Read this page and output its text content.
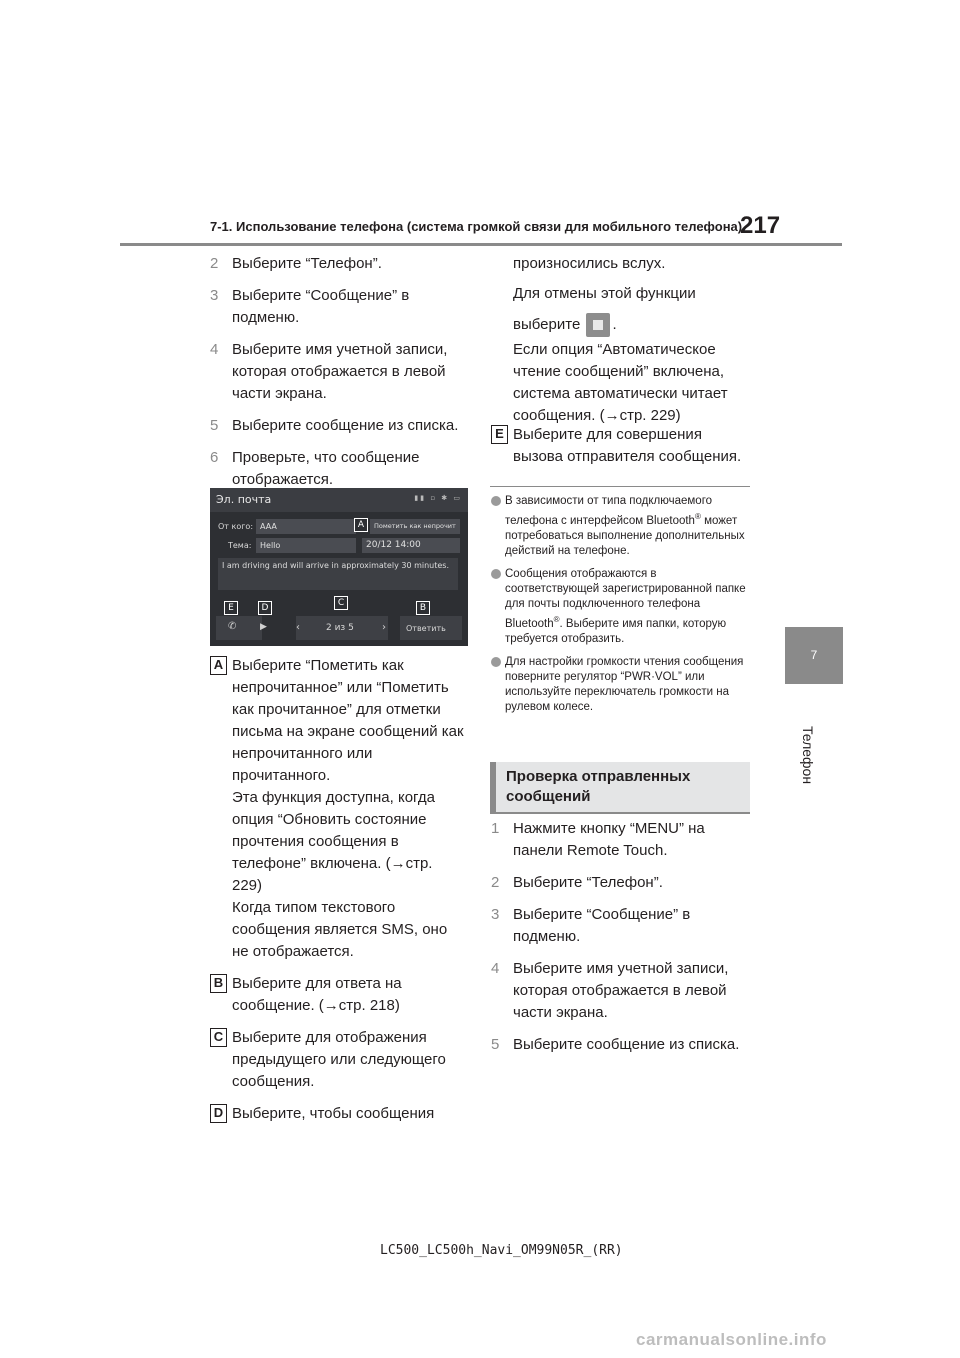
7-1. Использование телефона (система громкой связи для мобильного телефона)
217
7
Телефон
2 Выберите “Телефон”.
3 Выберите “Сообщение” в подменю.
4 Выберите имя учетной записи, которая отображается в левой части экрана.
5 Выберите сообщение из списка.
6 Проверьте, что сообщение отображается.
Эл. почта	▮▮ ▫ ✱ ▭
От кого: AAA	Пометить как непрочит
Тема:	Hello	20/12 14:00
I am driving and will arrive in approximately 30 minutes.
✆	▶	‹	2 из 5	›	Ответить
A
B
C
D
E
A Выберите “Пометить как непрочитанное” или “Пометить как прочитанное” для отметки письма на экране сообщений как непрочитанного или прочитанного.
Эта функция доступна, когда опция “Обновить состояние прочтения сообщения в телефоне” включена. (→стр. 229)
Когда типом текстового сообщения является SMS, оно не отображается.
B Выберите для ответа на сообщение. (→стр. 218)
C Выберите для отображения предыдущего или следующего сообщения.
D Выберите, чтобы сообщения
произносились вслух.
Для отмены этой функции
выберите .
Если опция “Автоматическое чтение сообщений” включена, система автоматически читает сообщения. (→стр. 229)
E Выберите для совершения вызова отправителя сообщения.
В зависимости от типа подключаемого телефона с интерфейсом Bluetooth® может потребоваться выполнение дополнительных действий на телефоне.
Сообщения отображаются в соответствующей зарегистрированной папке для почты подключенного телефона Bluetooth®. Выберите имя папки, которую требуется отобразить.
Для настройки громкости чтения сообщения поверните регулятор “PWR·VOL” или используйте переключатель громкости на рулевом колесе.
Проверка отправленных сообщений
1 Нажмите кнопку “MENU” на панели Remote Touch.
2 Выберите “Телефон”.
3 Выберите “Сообщение” в подменю.
4 Выберите имя учетной записи, которая отображается в левой части экрана.
5 Выберите сообщение из списка.
LC500_LC500h_Navi_OM99N05R_(RR)
carmanualsonline.info
